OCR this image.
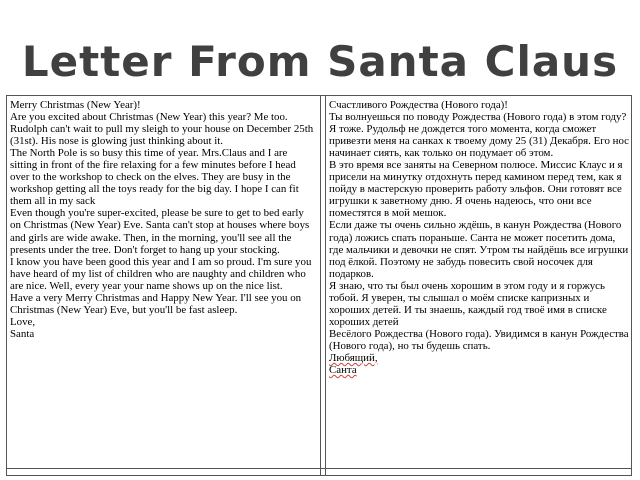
Letter From Santa Claus

Merry Christmas (New Year)!

Are you excited about Christmas (New Year) this year? Me too. Rudolph can't wait to pull my sleigh to your house on December 25th (31st). His nose is glowing just thinking about it.

The North Pole is so busy this time of year. Mrs.Claus and I are sitting in front of the fire relaxing for a few minutes before I head over to the workshop to check on the elves. They are busy in the workshop getting all the toys ready for the big day. I hope I can fit them all in my sack

Even though you're super-excited, please be sure to get to bed early on Christmas (New Year) Eve. Santa can't stop at houses where boys and girls are wide awake. Then, in the morning, you'll see all the presents under the tree. Don't forget to hang up your stocking.

I know you have been good this year and I am so proud. I'm sure you have heard of my list of children who are naughty and children who are nice. Well, every year your name shows up on the nice list.

Have a very Merry Christmas and Happy New Year. I'll see you on Christmas (New Year) Eve, but you'll be fast asleep.

Love,

Santa

Счастливого Рождества (Нового года)!

Ты волнуешься по поводу Рождества (Нового года) в этом году? Я тоже. Рудольф не дождется того момента, когда сможет привезти меня на санках к твоему дому 25 (31) Декабря. Его нос начинает сиять, как только он подумает об этом.

В это время все заняты на Северном полюсе. Миссис Клаус и я присели на минутку отдохнуть перед камином перед тем, как я пойду в мастерскую проверить работу эльфов. Они готовят все игрушки к заветному дню. Я очень надеюсь, что они все поместятся в мой мешок.

Если даже ты очень сильно ждёшь, в канун Рождества (Нового года) ложись спать пораньше. Санта не может посетить дома, где мальчики и девочки не спят. Утром ты найдёшь все игрушки под ёлкой. Поэтому не забудь повесить свой носочек для подарков.

Я знаю, что ты был очень хорошим в этом году и я горжусь тобой. Я уверен, ты слышал о моём списке капризных и хороших детей. И ты знаешь, каждый год твоё имя в списке хороших детей

Весёлого Рождества (Нового года). Увидимся в канун Рождества (Нового года), но ты будешь спать.

Любящий,

Санта
